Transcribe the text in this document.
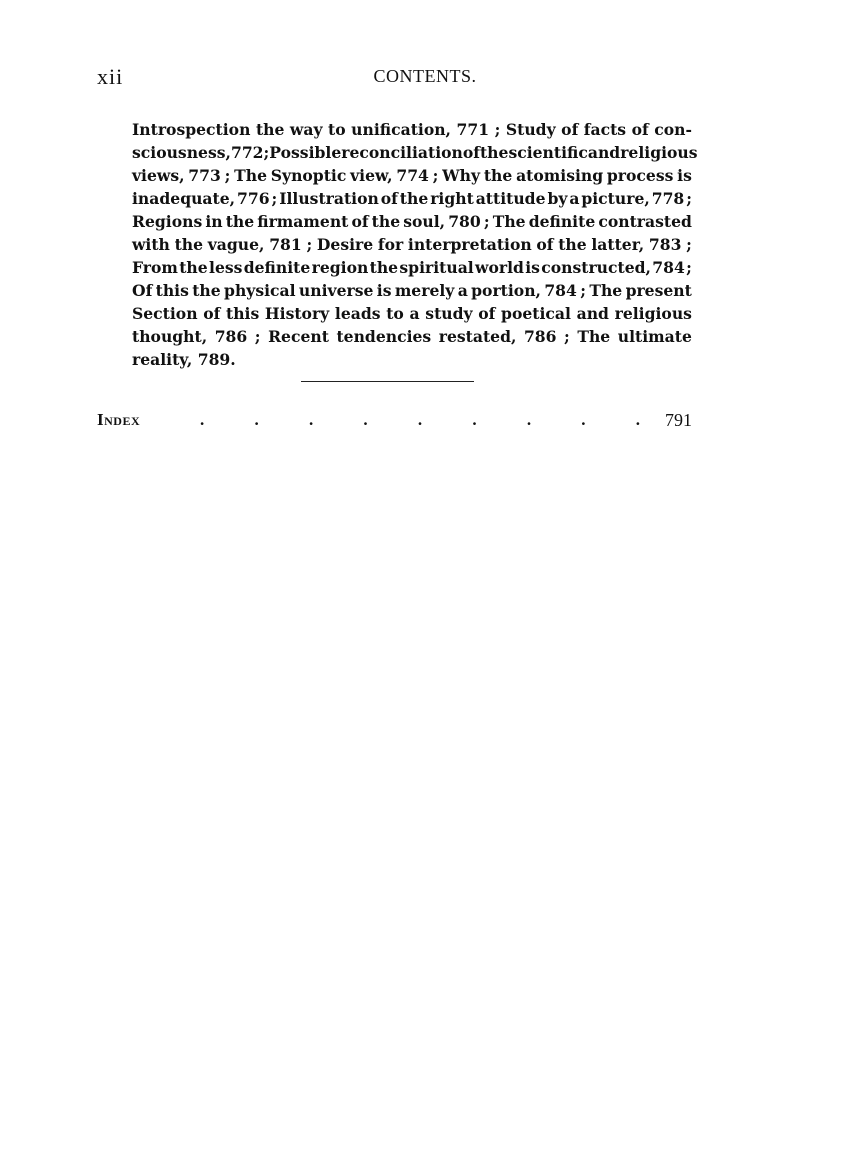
xii	CONTENTS.
Introspection the way to unification, 771 ; Study of facts of con-
sciousness, 772 ; Possible reconciliation of the scientific and religious
views, 773 ; The Synoptic view, 774 ; Why the atomising process is
inadequate, 776 ; Illustration of the right attitude by a picture, 778 ;
Regions in the firmament of the soul, 780 ; The definite contrasted
with the vague, 781 ; Desire for interpretation of the latter, 783 ;
From the less definite region the spiritual world is constructed, 784 ;
Of this the physical universe is merely a portion, 784 ; The present
Section of this History leads to a study of poetical and religious
thought, 786 ; Recent tendencies restated, 786 ; The ultimate
reality, 789.
Index	.	.	.	.	.	.	.	.	. 791
